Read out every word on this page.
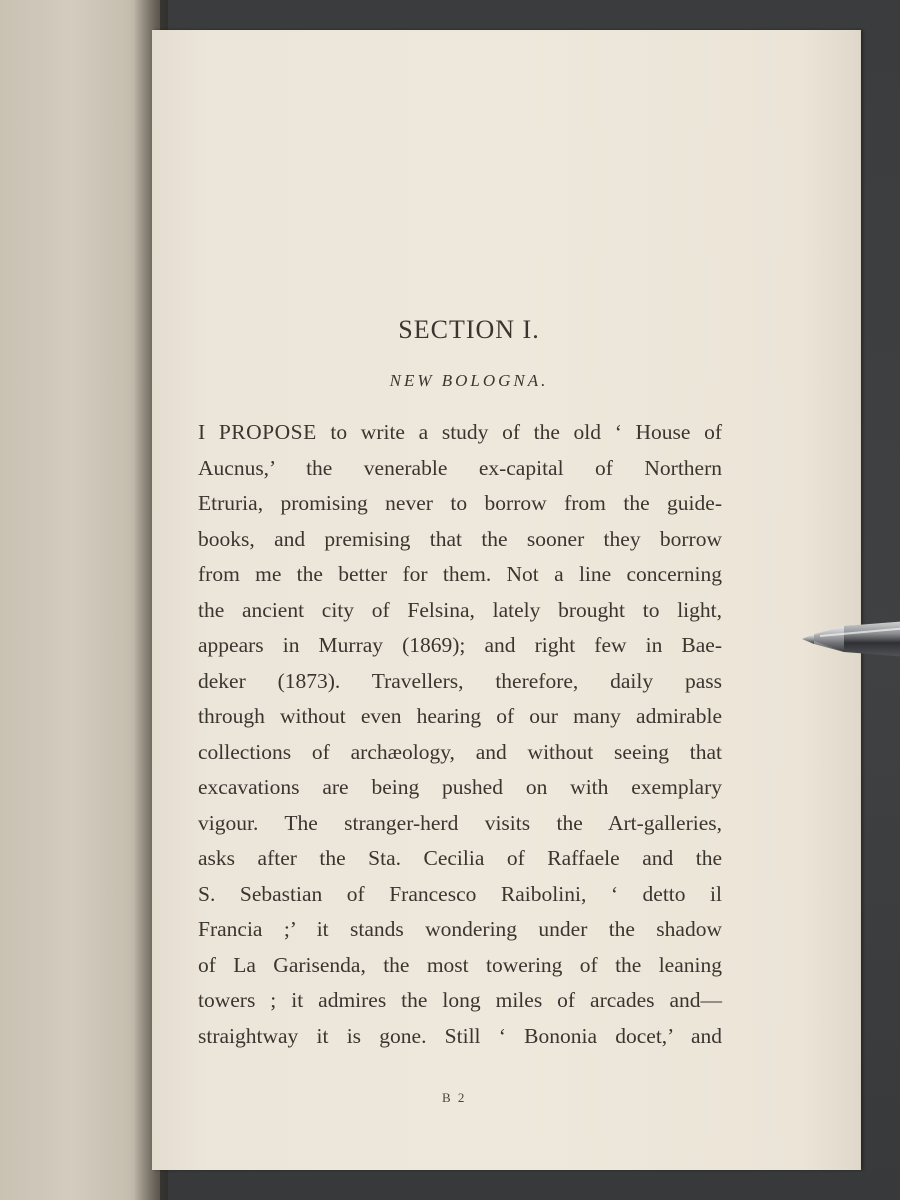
SECTION I.
NEW BOLOGNA.
I PROPOSE to write a study of the old ‘ House of
Aucnus,’ the venerable ex-capital of Northern
Etruria, promising never to borrow from the guide-
books, and premising that the sooner they borrow
from me the better for them. Not a line concerning
the ancient city of Felsina, lately brought to light,
appears in Murray (1869); and right few in Bae-
deker (1873). Travellers, therefore, daily pass
through without even hearing of our many admirable
collections of archæology, and without seeing that
excavations are being pushed on with exemplary
vigour. The stranger-herd visits the Art-galleries,
asks after the Sta. Cecilia of Raffaele and the
S. Sebastian of Francesco Raibolini, ‘ detto il
Francia ;’ it stands wondering under the shadow
of La Garisenda, the most towering of the leaning
towers ; it admires the long miles of arcades and—
straightway it is gone. Still ‘ Bononia docet,’ and
B 2
